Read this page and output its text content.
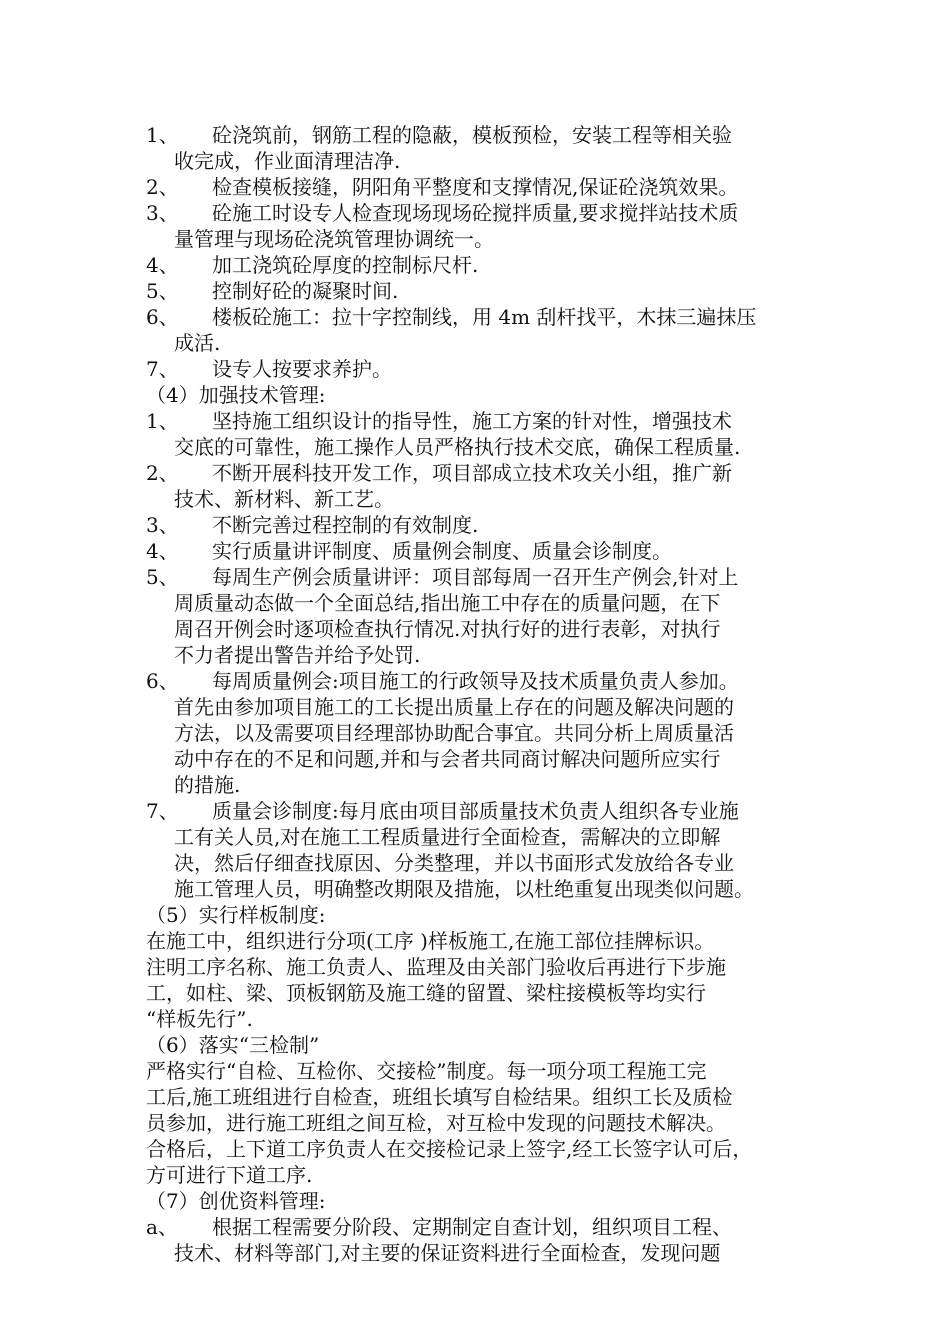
1、	砼浇筑前，钢筋工程的隐蔽，模板预检，安装工程等相关验
收完成，作业面清理洁净.
2、	检查模板接缝，阴阳角平整度和支撑情况,保证砼浇筑效果。
3、	砼施工时设专人检查现场现场砼搅拌质量,要求搅拌站技术质
量管理与现场砼浇筑管理协调统一。
4、	加工浇筑砼厚度的控制标尺杆.
5、	控制好砼的凝聚时间.
6、	楼板砼施工：拉十字控制线，用 4m 刮杆找平，木抹三遍抹压
成活.
7、	设专人按要求养护。
（4）加强技术管理:
1、	坚持施工组织设计的指导性，施工方案的针对性，增强技术
交底的可靠性，施工操作人员严格执行技术交底，确保工程质量.
2、	不断开展科技开发工作，项目部成立技术攻关小组，推广新
技术、新材料、新工艺。
3、	不断完善过程控制的有效制度.
4、	实行质量讲评制度、质量例会制度、质量会诊制度。
5、	每周生产例会质量讲评：项目部每周一召开生产例会,针对上
周质量动态做一个全面总结,指出施工中存在的质量问题，在下
周召开例会时逐项检查执行情况.对执行好的进行表彰，对执行
不力者提出警告并给予处罚.
6、	每周质量例会:项目施工的行政领导及技术质量负责人参加。
首先由参加项目施工的工长提出质量上存在的问题及解决问题的
方法，以及需要项目经理部协助配合事宜。共同分析上周质量活
动中存在的不足和问题,并和与会者共同商讨解决问题所应实行
的措施.
7、	质量会诊制度:每月底由项目部质量技术负责人组织各专业施
工有关人员,对在施工工程质量进行全面检查，需解决的立即解
决，然后仔细查找原因、分类整理，并以书面形式发放给各专业
施工管理人员，明确整改期限及措施，以杜绝重复出现类似问题。
（5）实行样板制度:
在施工中，组织进行分项(工序 )样板施工,在施工部位挂牌标识。
注明工序名称、施工负责人、监理及由关部门验收后再进行下步施
工，如柱、梁、顶板钢筋及施工缝的留置、梁柱接模板等均实行
“样板先行”.
（6）落实“三检制”
严格实行“自检、互检你、交接检”制度。每一项分项工程施工完
工后,施工班组进行自检查，班组长填写自检结果。组织工长及质检
员参加，进行施工班组之间互检，对互检中发现的问题技术解决。
合格后，上下道工序负责人在交接检记录上签字,经工长签字认可后，
方可进行下道工序.
（7）创优资料管理:
a、	根据工程需要分阶段、定期制定自查计划，组织项目工程、
技术、材料等部门,对主要的保证资料进行全面检查，发现问题
